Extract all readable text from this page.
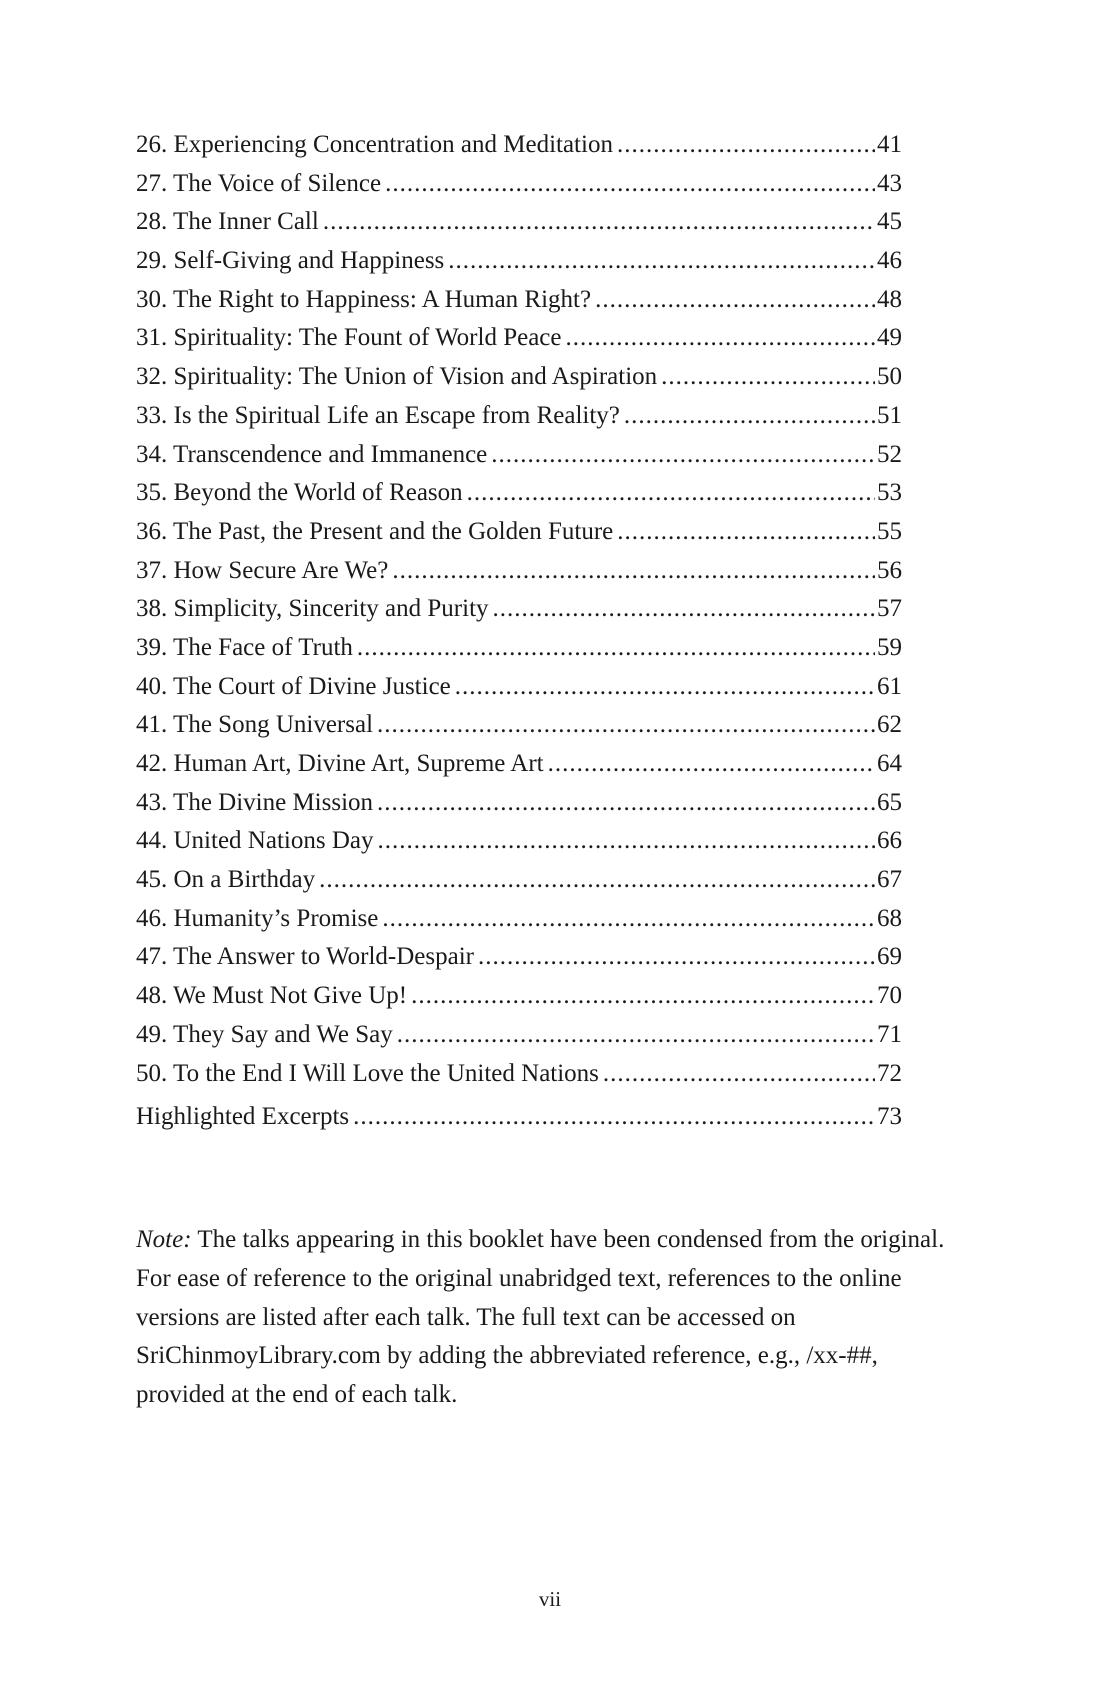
26. Experiencing Concentration and Meditation .....	41
27. The Voice of Silence .....	43
28. The Inner Call .....	45
29. Self-Giving and Happiness .....	46
30. The Right to Happiness: A Human Right? .....	48
31. Spirituality: The Fount of World Peace .....	49
32. Spirituality: The Union of Vision and Aspiration .....	50
33. Is the Spiritual Life an Escape from Reality? .....	51
34. Transcendence and Immanence .....	52
35. Beyond the World of Reason .....	53
36. The Past, the Present and the Golden Future .....	55
37. How Secure Are We? .....	56
38. Simplicity, Sincerity and Purity .....	57
39. The Face of Truth .....	59
40. The Court of Divine Justice .....	61
41. The Song Universal .....	62
42. Human Art, Divine Art, Supreme Art .....	64
43. The Divine Mission .....	65
44. United Nations Day .....	66
45. On a Birthday .....	67
46. Humanity’s Promise .....	68
47. The Answer to World-Despair .....	69
48. We Must Not Give Up! .....	70
49. They Say and We Say .....	71
50. To the End I Will Love the United Nations .....	72
Highlighted Excerpts .....	73

Note: The talks appearing in this booklet have been condensed from the original. For ease of reference to the original unabridged text, references to the online versions are listed after each talk. The full text can be accessed on SriChinmoyLibrary.com by adding the abbreviated reference, e.g., /xx-##, provided at the end of each talk.

vii
